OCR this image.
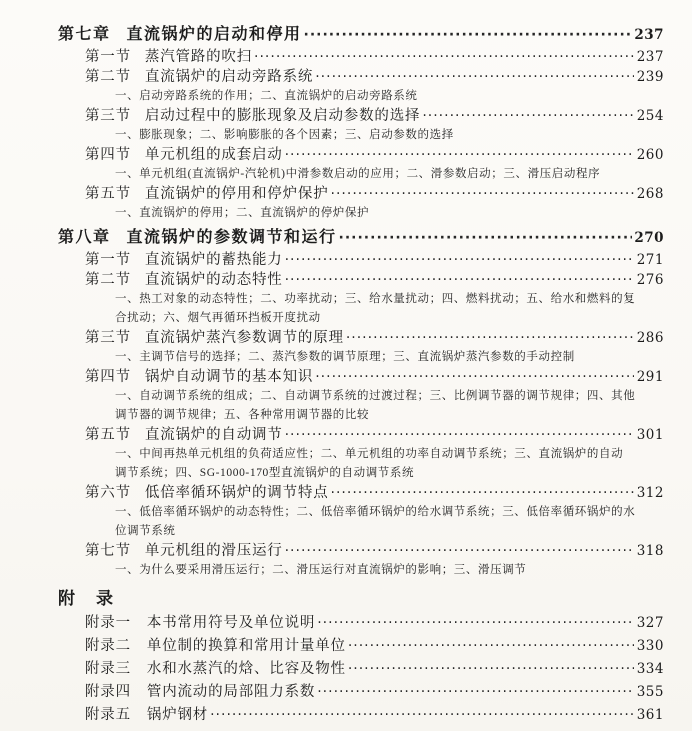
第七章 直流锅炉的启动和停用 ·····	237
第一节 蒸汽管路的吹扫 ·····	237
第二节 直流锅炉的启动旁路系统 ·····	239
一、启动旁路系统的作用；二、直流锅炉的启动旁路系统
第三节 启动过程中的膨胀现象及启动参数的选择 ·····	254
一、膨胀现象；二、影响膨胀的各个因素；三、启动参数的选择
第四节 单元机组的成套启动 ·····	260
一、单元机组(直流锅炉-汽轮机)中滑参数启动的应用；二、滑参数启动；三、滑压启动程序
第五节 直流锅炉的停用和停炉保护 ·····	268
一、直流锅炉的停用；二、直流锅炉的停炉保护
第八章 直流锅炉的参数调节和运行 ·····	270
第一节 直流锅炉的蓄热能力 ·····	271
第二节 直流锅炉的动态特性 ·····	276
一、热工对象的动态特性；二、功率扰动；三、给水量扰动；四、燃料扰动；五、给水和燃料的复
合扰动；六、烟气再循环挡板开度扰动
第三节 直流锅炉蒸汽参数调节的原理 ·····	286
一、主调节信号的选择；二、蒸汽参数的调节原理；三、直流锅炉蒸汽参数的手动控制
第四节 锅炉自动调节的基本知识 ·····	291
一、自动调节系统的组成；二、自动调节系统的过渡过程；三、比例调节器的调节规律；四、其他
调节器的调节规律；五、各种常用调节器的比较
第五节 直流锅炉的自动调节 ·····	301
一、中间再热单元机组的负荷适应性；二、单元机组的功率自动调节系统；三、直流锅炉的自动
调节系统；四、SG-1000-170型直流锅炉的自动调节系统
第六节 低倍率循环锅炉的调节特点 ·····	312
一、低倍率循环锅炉的动态特性；二、低倍率循环锅炉的给水调节系统；三、低倍率循环锅炉的水
位调节系统
第七节 单元机组的滑压运行 ·····	318
一、为什么要采用滑压运行；二、滑压运行对直流锅炉的影响；三、滑压调节
附　录
附录一 本书常用符号及单位说明 ·····	327
附录二 单位制的换算和常用计量单位 ·····	330
附录三 水和水蒸汽的焓、比容及物性 ·····	334
附录四 管内流动的局部阻力系数 ·····	355
附录五 锅炉钢材 ·····	361
